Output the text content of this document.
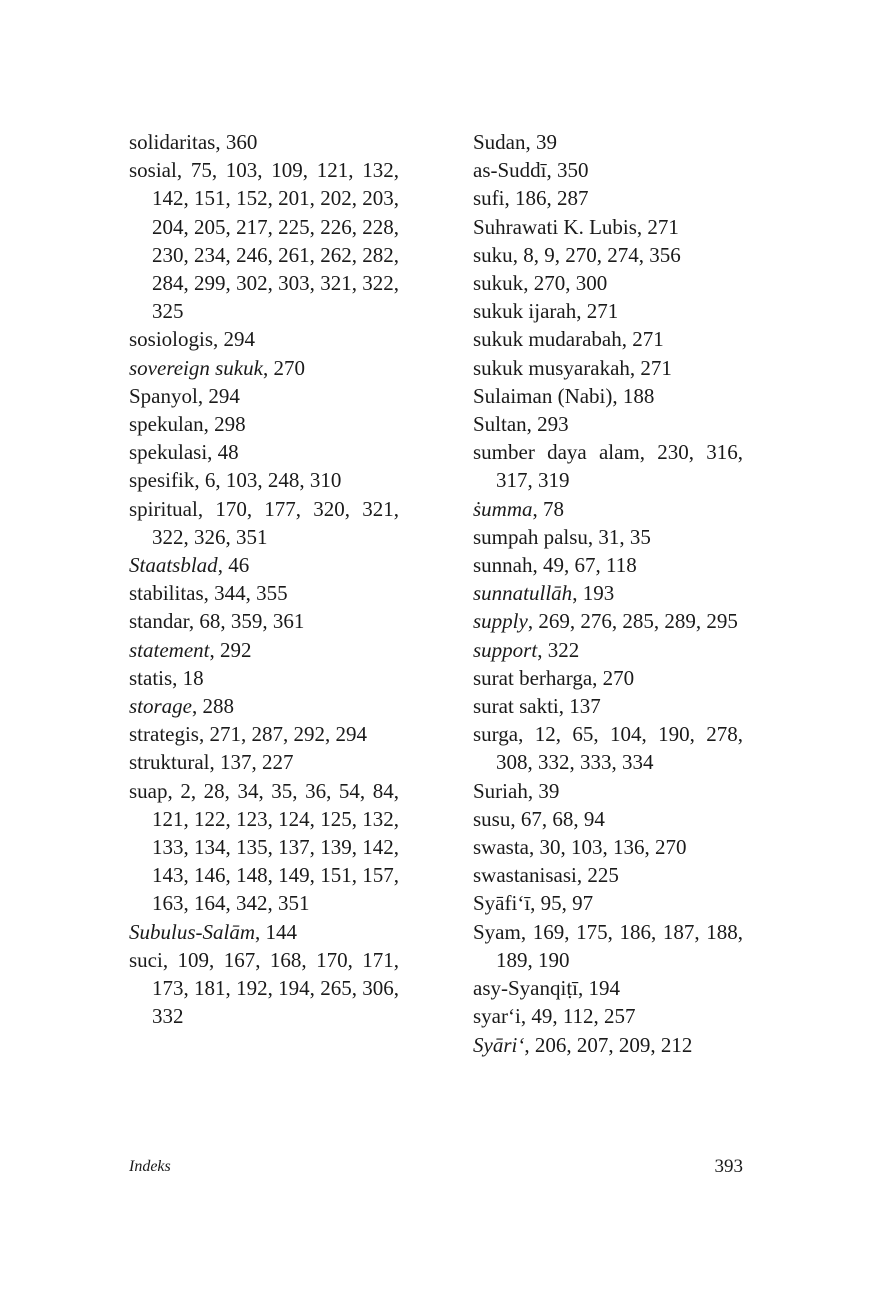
solidaritas, 360
sosial, 75, 103, 109, 121, 132, 142, 151, 152, 201, 202, 203, 204, 205, 217, 225, 226, 228, 230, 234, 246, 261, 262, 282, 284, 299, 302, 303, 321, 322, 325
sosiologis, 294
sovereign sukuk, 270
Spanyol, 294
spekulan, 298
spekulasi, 48
spesifik, 6, 103, 248, 310
spiritual, 170, 177, 320, 321, 322, 326, 351
Staatsblad, 46
stabilitas, 344, 355
standar, 68, 359, 361
statement, 292
statis, 18
storage, 288
strategis, 271, 287, 292, 294
struktural, 137, 227
suap, 2, 28, 34, 35, 36, 54, 84, 121, 122, 123, 124, 125, 132, 133, 134, 135, 137, 139, 142, 143, 146, 148, 149, 151, 157, 163, 164, 342, 351
Subulus-Salām, 144
suci, 109, 167, 168, 170, 171, 173, 181, 192, 194, 265, 306, 332
Sudan, 39
as-Suddī, 350
sufi, 186, 287
Suhrawati K. Lubis, 271
suku, 8, 9, 270, 274, 356
sukuk, 270, 300
sukuk ijarah, 271
sukuk mudarabah, 271
sukuk musyarakah, 271
Sulaiman (Nabi), 188
Sultan, 293
sumber daya alam, 230, 316, 317, 319
ṡumma, 78
sumpah palsu, 31, 35
sunnah, 49, 67, 118
sunnatullāh, 193
supply, 269, 276, 285, 289, 295
support, 322
surat berharga, 270
surat sakti, 137
surga, 12, 65, 104, 190, 278, 308, 332, 333, 334
Suriah, 39
susu, 67, 68, 94
swasta, 30, 103, 136, 270
swastanisasi, 225
Syāfi‘ī, 95, 97
Syam, 169, 175, 186, 187, 188, 189, 190
asy-Syanqiṭī, 194
syar‘i, 49, 112, 257
Syāri‘, 206, 207, 209, 212
Indeks	393
